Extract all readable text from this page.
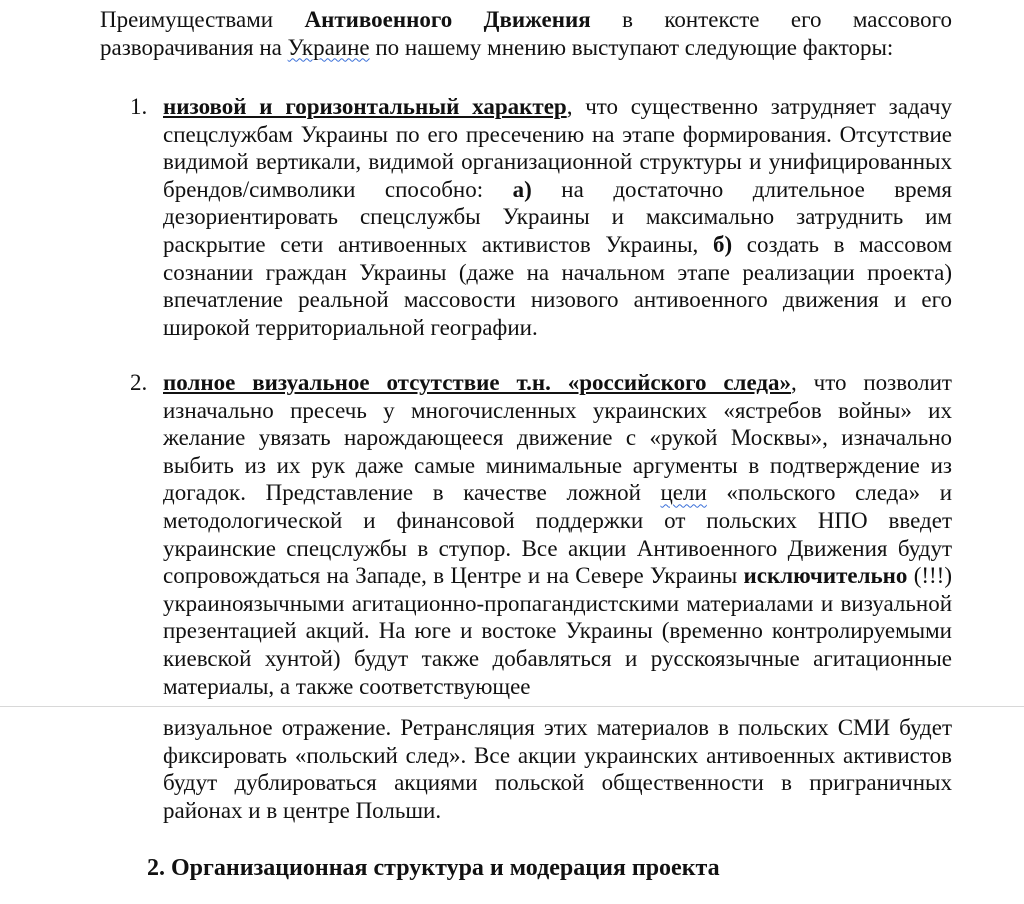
Преимуществами Антивоенного Движения в контексте его массового разворачивания на Украине по нашему мнению выступают следующие факторы:

1. низовой и горизонтальный характер, что существенно затрудняет задачу спецслужбам Украины по его пресечению на этапе формирования. Отсутствие видимой вертикали, видимой организационной структуры и унифицированных брендов/символики способно: а) на достаточно длительное время дезориентировать спецслужбы Украины и максимально затруднить им раскрытие сети антивоенных активистов Украины, б) создать в массовом сознании граждан Украины (даже на начальном этапе реализации проекта) впечатление реальной массовости низового антивоенного движения и его широкой территориальной географии.

2. полное визуальное отсутствие т.н. «российского следа», что позволит изначально пресечь у многочисленных украинских «ястребов войны» их желание увязать нарождающееся движение с «рукой Москвы», изначально выбить из их рук даже самые минимальные аргументы в подтверждение из догадок. Представление в качестве ложной цели «польского следа» и методологической и финансовой поддержки от польских НПО введет украинские спецслужбы в ступор. Все акции Антивоенного Движения будут сопровождаться на Западе, в Центре и на Севере Украины исключительно (!!!) украиноязычными агитационно-пропагандистскими материалами и визуальной презентацией акций. На юге и востоке Украины (временно контролируемыми киевской хунтой) будут также добавляться и русскоязычные агитационные материалы, а также соответствующее

визуальное отражение. Ретрансляция этих материалов в польских СМИ будет фиксировать «польский след». Все акции украинских антивоенных активистов будут дублироваться акциями польской общественности в приграничных районах и в центре Польши.

2. Организационная структура и модерация проекта
